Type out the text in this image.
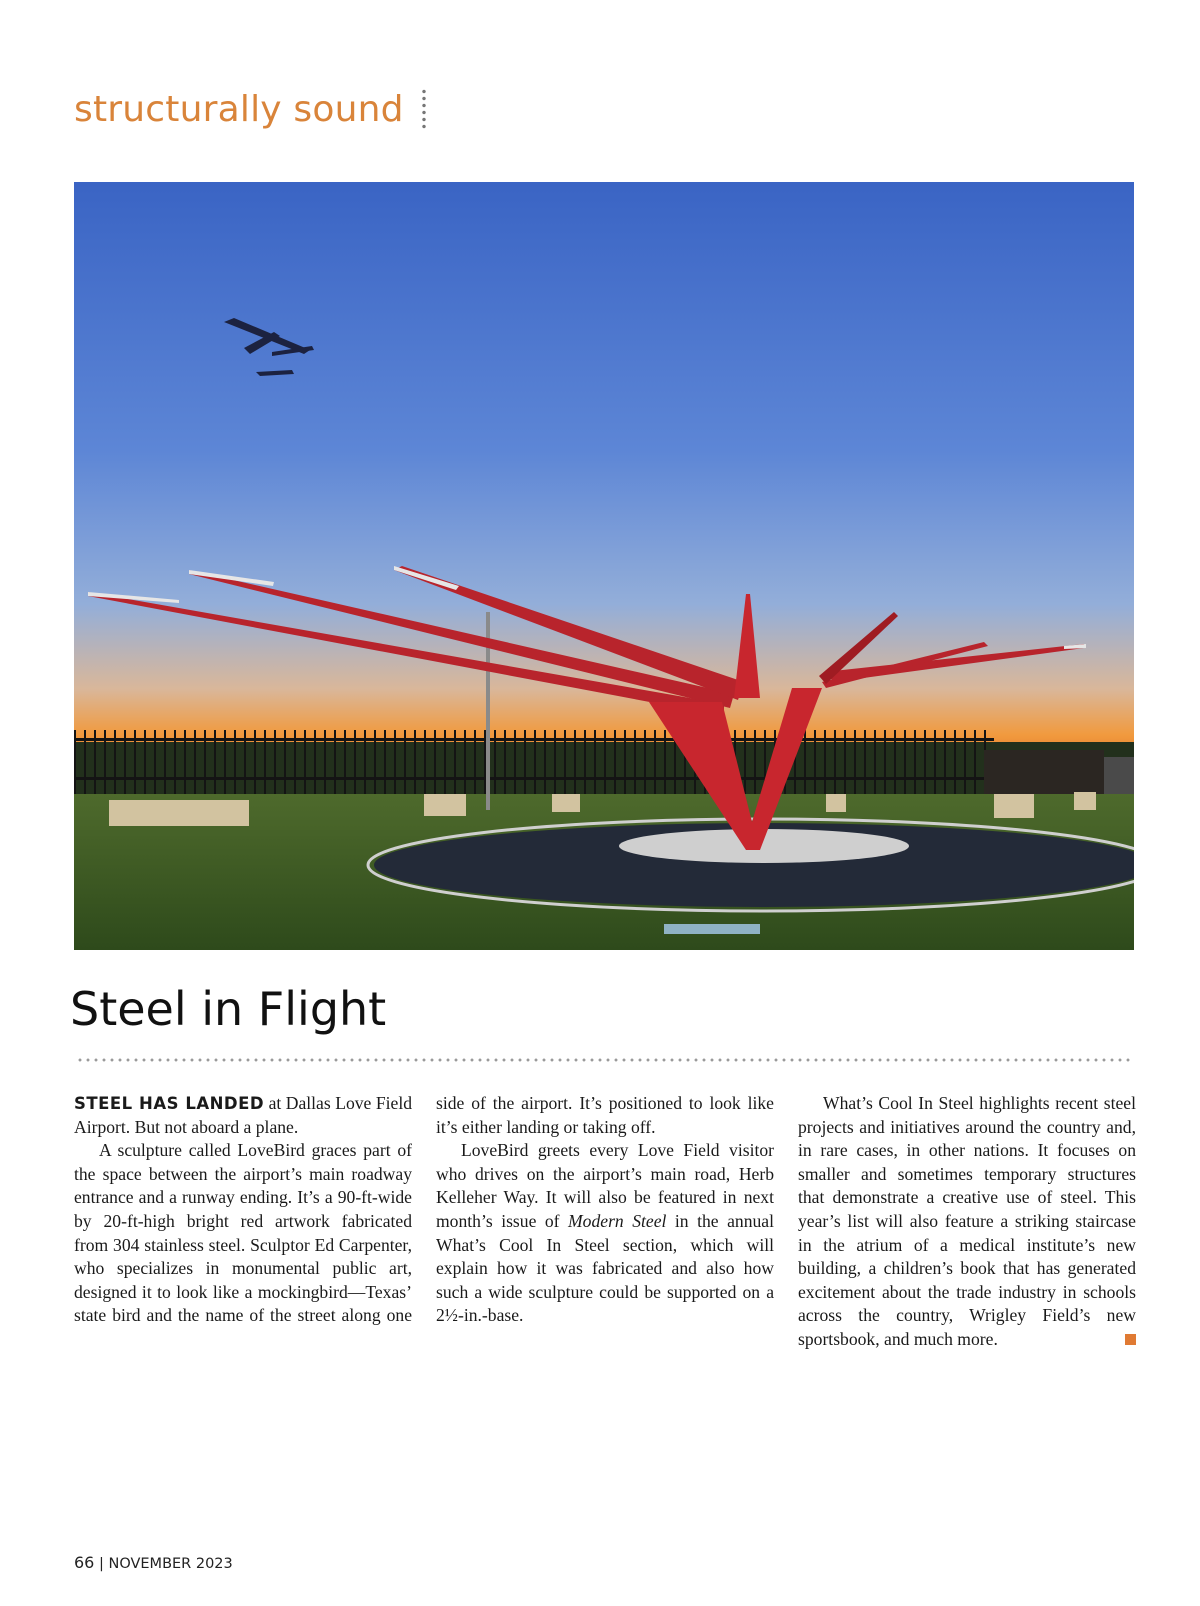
structurally sound
Steel in Flight

STEEL HAS LANDED at Dallas Love Field Airport. But not aboard a plane.

A sculpture called LoveBird graces part of the space between the airport’s main roadway entrance and a runway ending. It’s a 90-ft-wide by 20-ft-high bright red artwork fabricated from 304 stainless steel. Sculptor Ed Carpenter, who specializes in monumental public art, designed it to look like a mockingbird—Texas’ state bird and the name of the street along one side of the airport. It’s positioned to look like it’s either landing or taking off.

LoveBird greets every Love Field visitor who drives on the airport’s main road, Herb Kelleher Way. It will also be featured in next month’s issue of Modern Steel in the annual What’s Cool In Steel section, which will explain how it was fabricated and also how such a wide sculpture could be supported on a 2½-in.-base.

What’s Cool In Steel highlights recent steel projects and initiatives around the country and, in rare cases, in other nations. It focuses on smaller and sometimes temporary structures that demonstrate a creative use of steel. This year’s list will also feature a striking staircase in the atrium of a medical institute’s new building, a children’s book that has generated excitement about the trade industry in schools across the country, Wrigley Field’s new sportsbook, and much more.

66 | NOVEMBER 2023
